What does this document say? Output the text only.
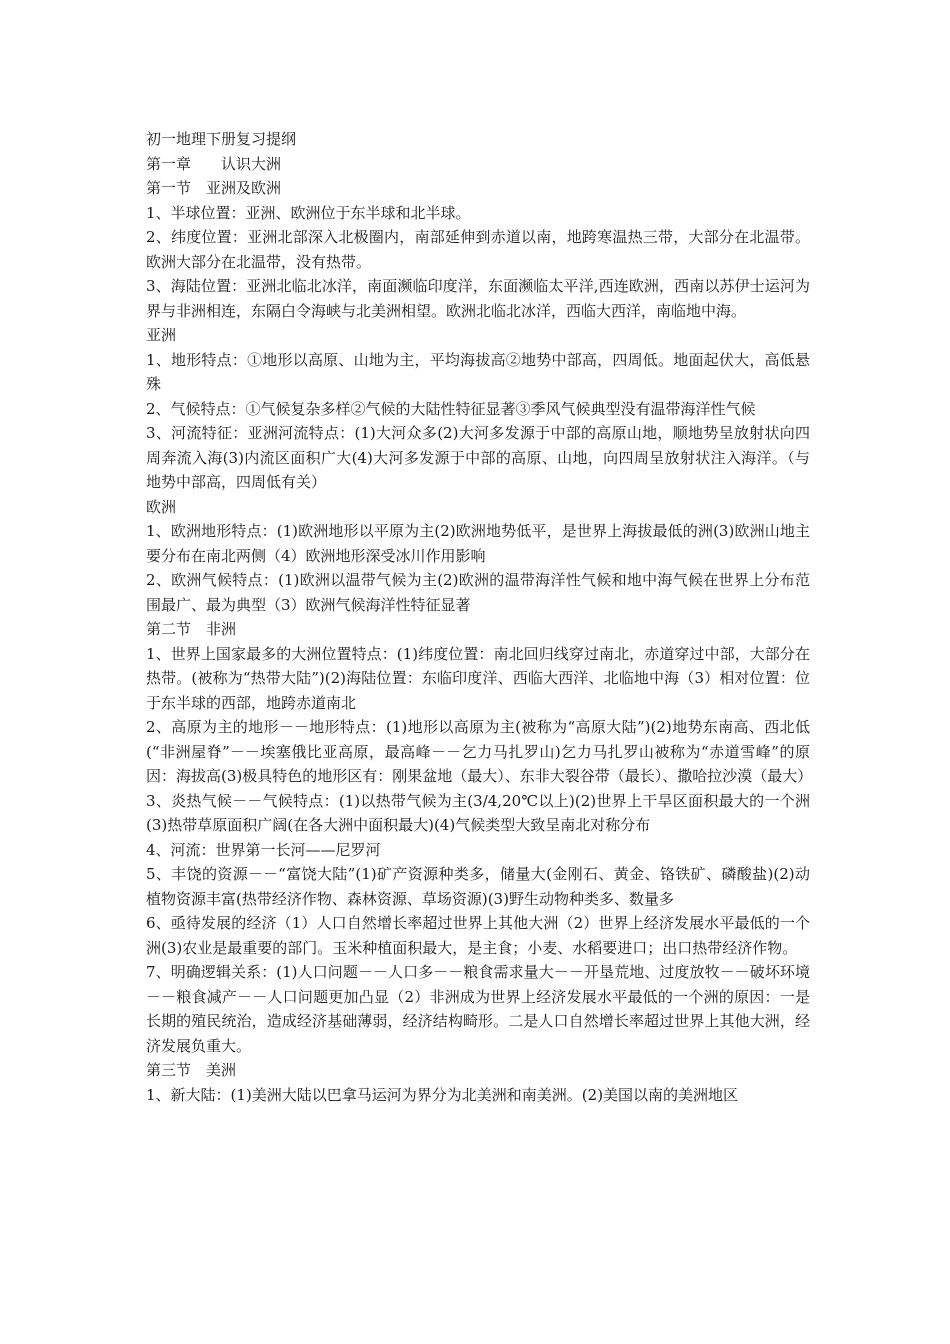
初一地理下册复习提纲

第一章　　认识大洲

第一节　亚洲及欧洲

1、半球位置：亚洲、欧洲位于东半球和北半球。

2、纬度位置：亚洲北部深入北极圈内，南部延伸到赤道以南，地跨寒温热三带，大部分在北温带。欧洲大部分在北温带，没有热带。

3、海陆位置：亚洲北临北冰洋，南面濒临印度洋，东面濒临太平洋,西连欧洲，西南以苏伊士运河为界与非洲相连，东隔白令海峡与北美洲相望。欧洲北临北冰洋，西临大西洋，南临地中海。

亚洲

1、地形特点：①地形以高原、山地为主，平均海拔高②地势中部高，四周低。地面起伏大，高低悬殊

2、气候特点：①气候复杂多样②气候的大陆性特征显著③季风气候典型没有温带海洋性气候

3、河流特征：亚洲河流特点：(1)大河众多(2)大河多发源于中部的高原山地，顺地势呈放射状向四周奔流入海(3)内流区面积广大(4)大河多发源于中部的高原、山地，向四周呈放射状注入海洋。（与地势中部高，四周低有关）

欧洲

1、欧洲地形特点：(1)欧洲地形以平原为主(2)欧洲地势低平，是世界上海拔最低的洲(3)欧洲山地主要分布在南北两侧（4）欧洲地形深受冰川作用影响

2、欧洲气候特点：(1)欧洲以温带气候为主(2)欧洲的温带海洋性气候和地中海气候在世界上分布范围最广、最为典型（3）欧洲气候海洋性特征显著

第二节　非洲

1、世界上国家最多的大洲位置特点：(1)纬度位置：南北回归线穿过南北，赤道穿过中部，大部分在热带。(被称为“热带大陆”)(2)海陆位置：东临印度洋、西临大西洋、北临地中海（3）相对位置：位于东半球的西部，地跨赤道南北

2、高原为主的地形－－地形特点：(1)地形以高原为主(被称为“高原大陆”)(2)地势东南高、西北低(“非洲屋脊”－－埃塞俄比亚高原，最高峰－－乞力马扎罗山)乞力马扎罗山被称为“赤道雪峰”的原因：海拔高(3)极具特色的地形区有：刚果盆地（最大）、东非大裂谷带（最长）、撒哈拉沙漠（最大）

3、炎热气候－－气候特点：(1)以热带气候为主(3/4,20℃以上)(2)世界上干旱区面积最大的一个洲(3)热带草原面积广阔(在各大洲中面积最大)(4)气候类型大致呈南北对称分布

4、河流：世界第一长河——尼罗河

5、丰饶的资源－－“富饶大陆”(1)矿产资源种类多，储量大(金刚石、黄金、铬铁矿、磷酸盐)(2)动植物资源丰富(热带经济作物、森林资源、草场资源)(3)野生动物种类多、数量多

6、亟待发展的经济（1）人口自然增长率超过世界上其他大洲（2）世界上经济发展水平最低的一个洲(3)农业是最重要的部门。玉米种植面积最大，是主食；小麦、水稻要进口；出口热带经济作物。

7、明确逻辑关系：(1)人口问题－－人口多－－粮食需求量大－－开垦荒地、过度放牧－－破坏环境－－粮食减产－－人口问题更加凸显（2）非洲成为世界上经济发展水平最低的一个洲的原因：一是长期的殖民统治，造成经济基础薄弱，经济结构畸形。二是人口自然增长率超过世界上其他大洲，经济发展负重大。

第三节　美洲

1、新大陆：(1)美洲大陆以巴拿马运河为界分为北美洲和南美洲。(2)美国以南的美洲地区
